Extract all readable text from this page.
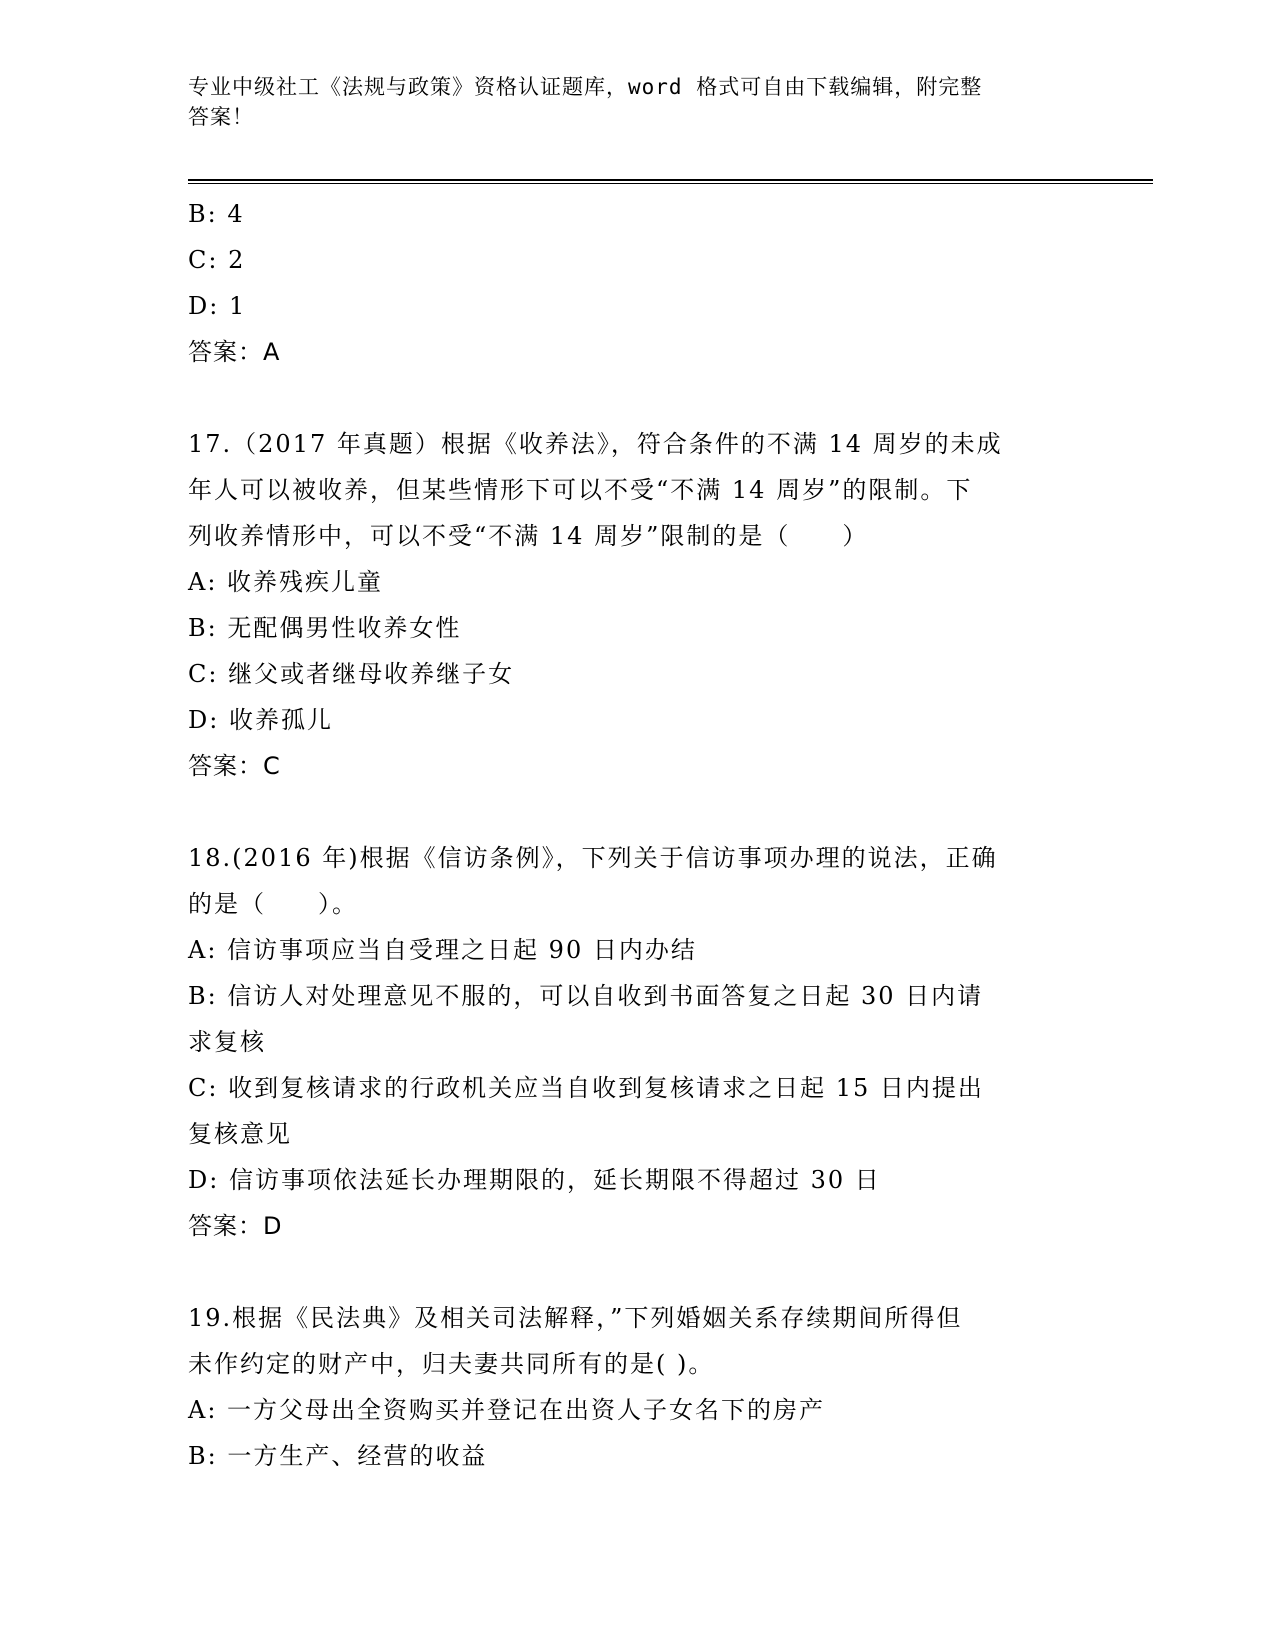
专业中级社工《法规与政策》资格认证题库，word 格式可自由下载编辑，附完整
答案！
B: 4
C: 2
D: 1
答案：A
17.（2017 年真题）根据《收养法》，符合条件的不满 14 周岁的未成
年人可以被收养，但某些情形下可以不受“不满 14 周岁”的限制。下
列收养情形中，可以不受“不满 14 周岁”限制的是（　　）
A: 收养残疾儿童
B: 无配偶男性收养女性
C: 继父或者继母收养继子女
D: 收养孤儿
答案：C
18.(2016 年)根据《信访条例》，下列关于信访事项办理的说法，正确
的是（　　）。
A: 信访事项应当自受理之日起 90 日内办结
B: 信访人对处理意见不服的，可以自收到书面答复之日起 30 日内请
求复核
C: 收到复核请求的行政机关应当自收到复核请求之日起 15 日内提出
复核意见
D: 信访事项依法延长办理期限的，延长期限不得超过 30 日
答案：D
19.根据《民法典》及相关司法解释，”下列婚姻关系存续期间所得但
未作约定的财产中，归夫妻共同所有的是( )。
A: 一方父母出全资购买并登记在出资人子女名下的房产
B: 一方生产、经营的收益
